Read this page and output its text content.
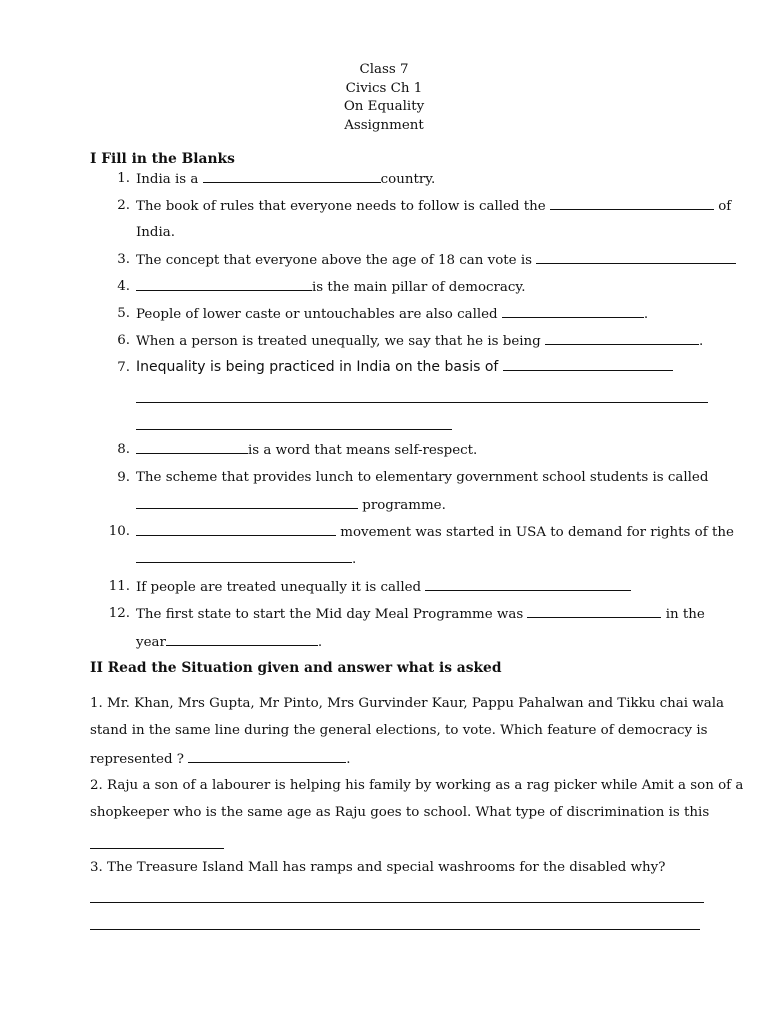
Class 7
Civics Ch 1
On Equality
Assignment
I Fill in the Blanks
1. India is a	country.
2. The book of rules that everyone needs to follow is called the	of
India.
3. The concept that everyone above the age of 18 can vote is
4.	is the main pillar of democracy.
5. People of lower caste or untouchables are also called	.
6. When a person is treated unequally, we say that he is being	.
7. Inequality is being practiced in India on the basis of
8.	is a word that means self-respect.
9. The scheme that provides lunch to elementary government school students is called
programme.
10.	movement was started in USA to demand for rights of the
.
11. If people are treated unequally it is called
12. The first state to start the Mid day Meal Programme was	in the
year	.
II Read the Situation given and answer what is asked
1. Mr. Khan, Mrs Gupta, Mr Pinto, Mrs Gurvinder Kaur, Pappu Pahalwan and Tikku chai wala
stand in the same line during the general elections, to vote. Which feature of democracy is
represented ?	.
2. Raju a son of a labourer is helping his family by working as a rag picker while Amit a son of a
shopkeeper who is the same age as Raju goes to school. What type of discrimination is this
3. The Treasure Island Mall has ramps and special washrooms for the disabled why?
